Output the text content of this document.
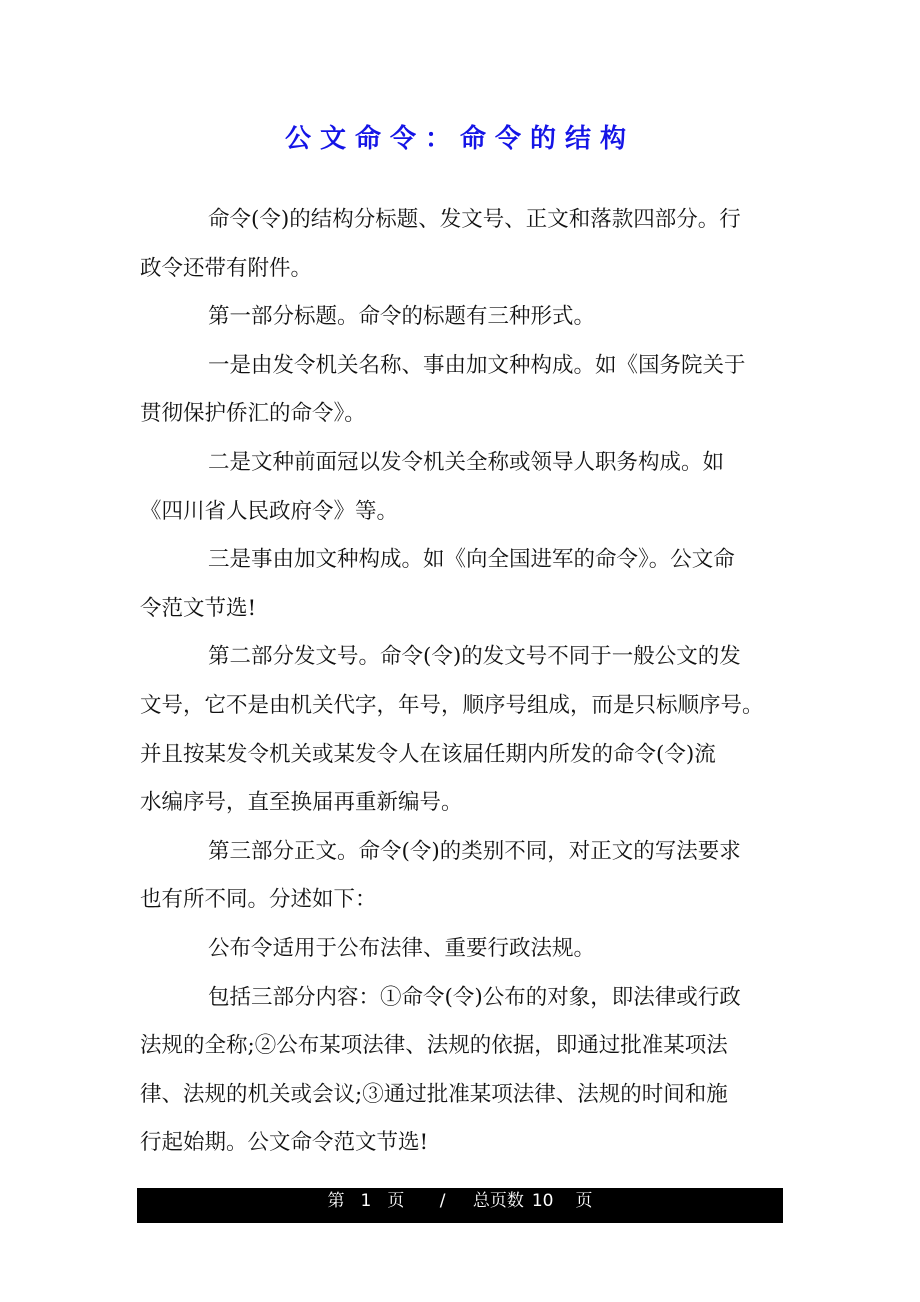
公文命令：命令的结构
命令(令)的结构分标题、发文号、正文和落款四部分。行
政令还带有附件。
第一部分标题。命令的标题有三种形式。
一是由发令机关名称、事由加文种构成。如《国务院关于
贯彻保护侨汇的命令》。
二是文种前面冠以发令机关全称或领导人职务构成。如
《四川省人民政府令》等。
三是事由加文种构成。如《向全国进军的命令》。公文命
令范文节选!
第二部分发文号。命令(令)的发文号不同于一般公文的发
文号，它不是由机关代字，年号，顺序号组成，而是只标顺序号。
并且按某发令机关或某发令人在该届任期内所发的命令(令)流
水编序号，直至换届再重新编号。
第三部分正文。命令(令)的类别不同，对正文的写法要求
也有所不同。分述如下：
公布令适用于公布法律、重要行政法规。
包括三部分内容：①命令(令)公布的对象，即法律或行政
法规的全称;②公布某项法律、法规的依据，即通过批准某项法
律、法规的机关或会议;③通过批准某项法律、法规的时间和施
行起始期。公文命令范文节选!
第 1 页 / 总页数 10 页
